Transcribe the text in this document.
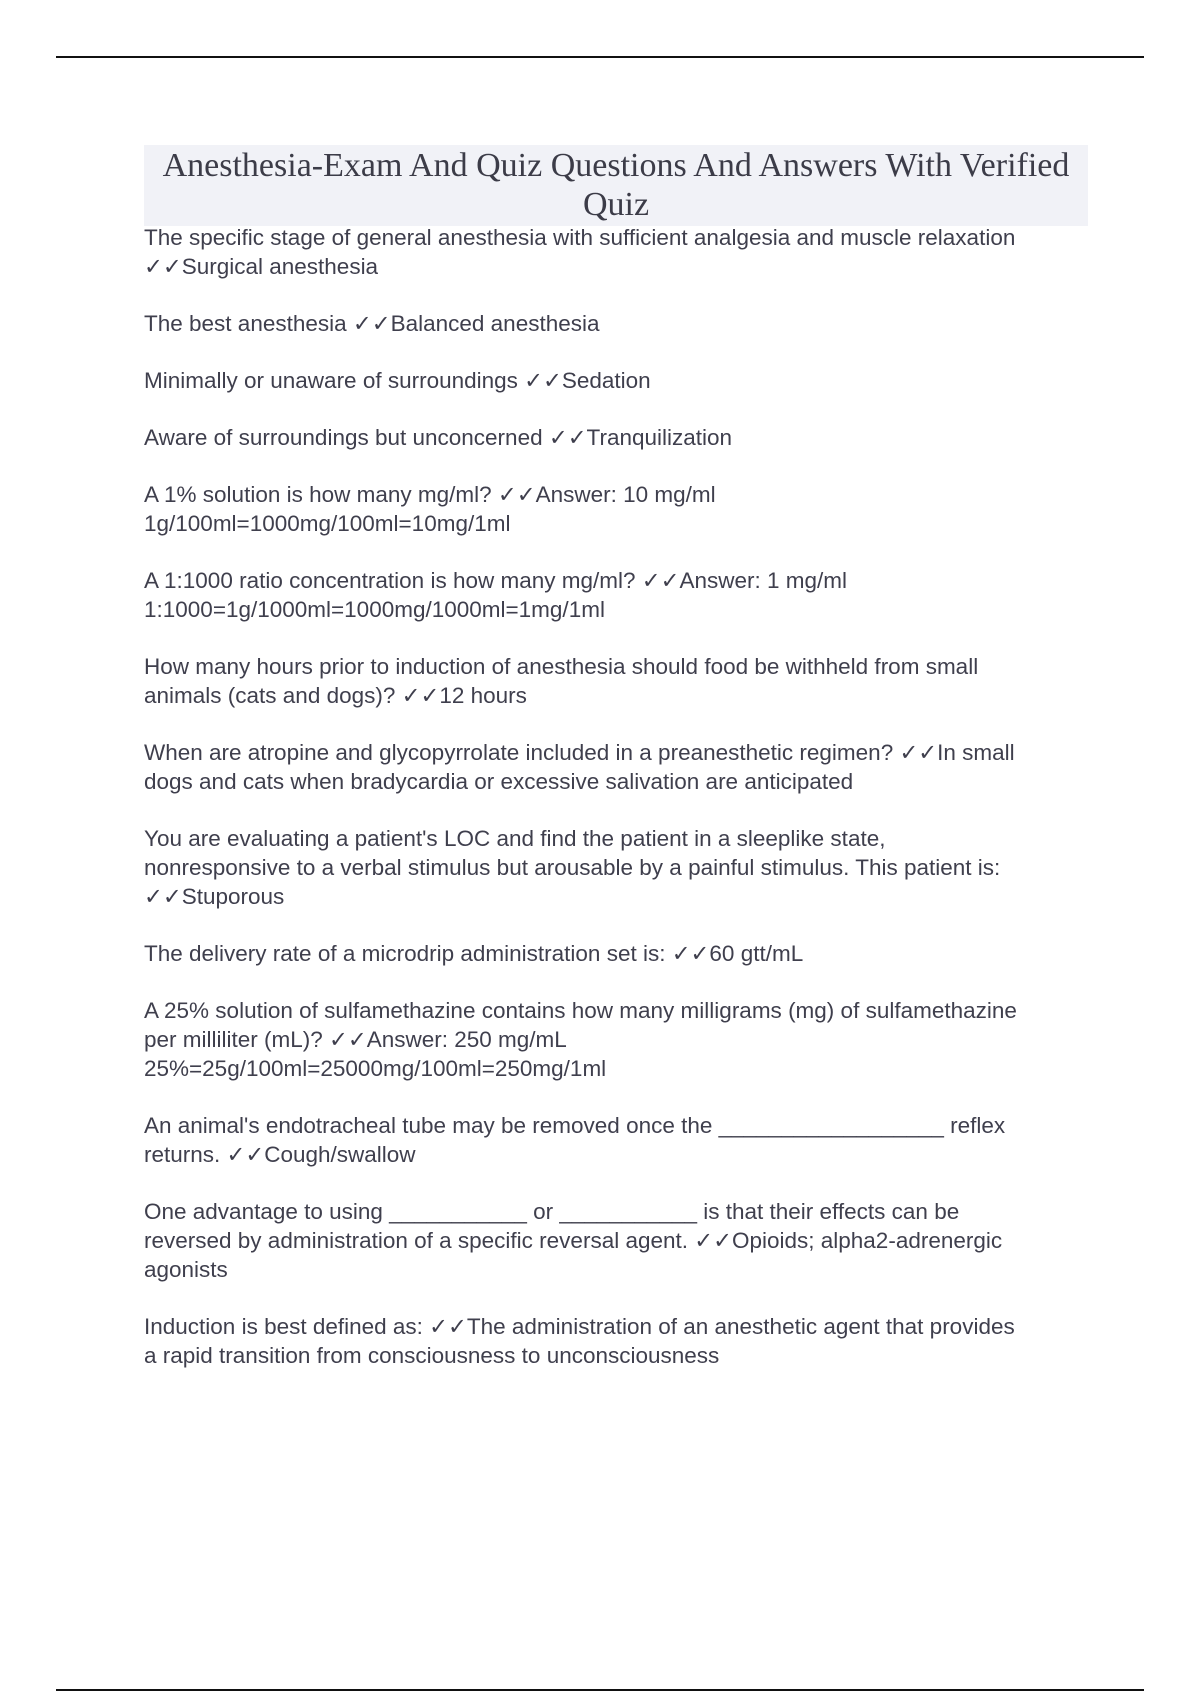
Anesthesia-Exam And Quiz Questions And Answers With Verified Quiz
The specific stage of general anesthesia with sufficient analgesia and muscle relaxation
✓✓Surgical anesthesia
The best anesthesia ✓✓Balanced anesthesia
Minimally or unaware of surroundings ✓✓Sedation
Aware of surroundings but unconcerned ✓✓Tranquilization
A 1% solution is how many mg/ml? ✓✓Answer: 10 mg/ml
1g/100ml=1000mg/100ml=10mg/1ml
A 1:1000 ratio concentration is how many mg/ml? ✓✓Answer: 1 mg/ml
1:1000=1g/1000ml=1000mg/1000ml=1mg/1ml
How many hours prior to induction of anesthesia should food be withheld from small
animals (cats and dogs)? ✓✓12 hours
When are atropine and glycopyrrolate included in a preanesthetic regimen? ✓✓In small
dogs and cats when bradycardia or excessive salivation are anticipated
You are evaluating a patient's LOC and find the patient in a sleeplike state,
nonresponsive to a verbal stimulus but arousable by a painful stimulus. This patient is:
✓✓Stuporous
The delivery rate of a microdrip administration set is: ✓✓60 gtt/mL
A 25% solution of sulfamethazine contains how many milligrams (mg) of sulfamethazine
per milliliter (mL)? ✓✓Answer: 250 mg/mL
25%=25g/100ml=25000mg/100ml=250mg/1ml
An animal's endotracheal tube may be removed once the __________________ reflex
returns. ✓✓Cough/swallow
One advantage to using ___________ or ___________ is that their effects can be
reversed by administration of a specific reversal agent. ✓✓Opioids; alpha2-adrenergic
agonists
Induction is best defined as: ✓✓The administration of an anesthetic agent that provides
a rapid transition from consciousness to unconsciousness
